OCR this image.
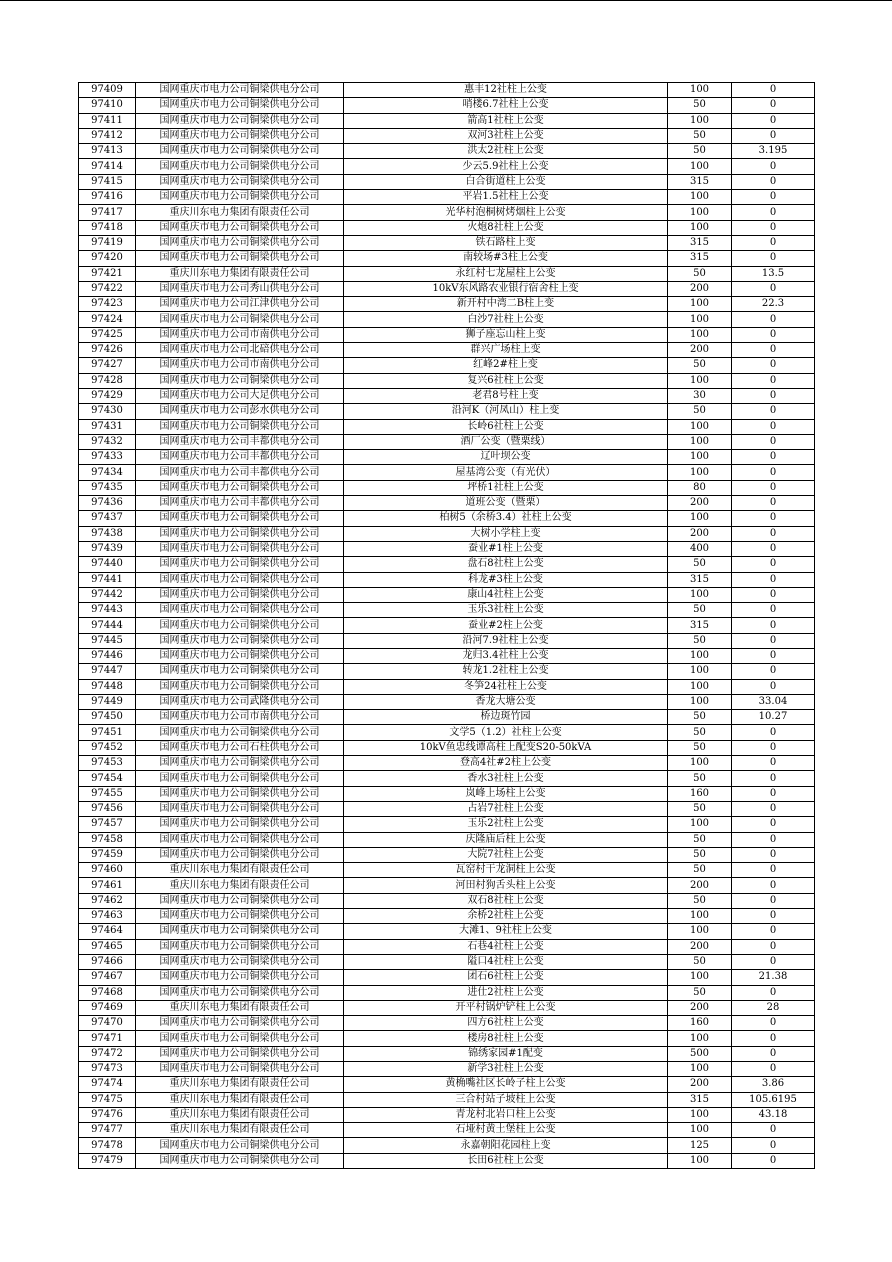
97409	国网重庆市电力公司铜梁供电分公司	惠丰12社柱上公变	100	0
97410	国网重庆市电力公司铜梁供电分公司	哨楼6.7社柱上公变	50	0
97411	国网重庆市电力公司铜梁供电分公司	箭高1社柱上公变	100	0
97412	国网重庆市电力公司铜梁供电分公司	双河3社柱上公变	50	0
97413	国网重庆市电力公司铜梁供电分公司	洪太2社柱上公变	50	3.195
97414	国网重庆市电力公司铜梁供电分公司	少云5.9社柱上公变	100	0
97415	国网重庆市电力公司铜梁供电分公司	白合街道柱上公变	315	0
97416	国网重庆市电力公司铜梁供电分公司	平岩1.5社柱上公变	100	0
97417	重庆川东电力集团有限责任公司	光华村泡桐树烤烟柱上公变	100	0
97418	国网重庆市电力公司铜梁供电分公司	火炮8社柱上公变	100	0
97419	国网重庆市电力公司铜梁供电分公司	铁石路柱上变	315	0
97420	国网重庆市电力公司铜梁供电分公司	南较场#3柱上公变	315	0
97421	重庆川东电力集团有限责任公司	永红村七龙屋柱上公变	50	13.5
97422	国网重庆市电力公司秀山供电分公司	10kV东风路农业银行宿舍柱上变	200	0
97423	国网重庆市电力公司江津供电分公司	新开村中湾二B柱上变	100	22.3
97424	国网重庆市电力公司铜梁供电分公司	白沙7社柱上公变	100	0
97425	国网重庆市电力公司市南供电分公司	狮子座忘山柱上变	100	0
97426	国网重庆市电力公司北碚供电分公司	群兴广场柱上变	200	0
97427	国网重庆市电力公司市南供电分公司	红峰2#柱上变	50	0
97428	国网重庆市电力公司铜梁供电分公司	复兴6社柱上公变	100	0
97429	国网重庆市电力公司大足供电分公司	老君8号柱上变	30	0
97430	国网重庆市电力公司彭水供电分公司	沿河K（河凤山）柱上变	50	0
97431	国网重庆市电力公司铜梁供电分公司	长岭6社柱上公变	100	0
97432	国网重庆市电力公司丰都供电分公司	酒厂公变（暨栗线）	100	0
97433	国网重庆市电力公司丰都供电分公司	辽叶坝公变	100	0
97434	国网重庆市电力公司丰都供电分公司	屋基湾公变（有光伏）	100	0
97435	国网重庆市电力公司铜梁供电分公司	坪桥1社柱上公变	80	0
97436	国网重庆市电力公司丰都供电分公司	道班公变（暨栗）	200	0
97437	国网重庆市电力公司铜梁供电分公司	柏树5（余桥3.4）社柱上公变	100	0
97438	国网重庆市电力公司铜梁供电分公司	大树小学柱上变	200	0
97439	国网重庆市电力公司铜梁供电分公司	蚕业#1柱上公变	400	0
97440	国网重庆市电力公司铜梁供电分公司	盘石8社柱上公变	50	0
97441	国网重庆市电力公司铜梁供电分公司	科龙#3柱上公变	315	0
97442	国网重庆市电力公司铜梁供电分公司	康山4社柱上公变	100	0
97443	国网重庆市电力公司铜梁供电分公司	玉乐3社柱上公变	50	0
97444	国网重庆市电力公司铜梁供电分公司	蚕业#2柱上公变	315	0
97445	国网重庆市电力公司铜梁供电分公司	沿河7.9社柱上公变	50	0
97446	国网重庆市电力公司铜梁供电分公司	龙归3.4社柱上公变	100	0
97447	国网重庆市电力公司铜梁供电分公司	转龙1.2社柱上公变	100	0
97448	国网重庆市电力公司铜梁供电分公司	冬笋24社柱上公变	100	0
97449	国网重庆市电力公司武隆供电分公司	香龙大塘公变	100	33.04
97450	国网重庆市电力公司市南供电分公司	桥边斑竹园	50	10.27
97451	国网重庆市电力公司铜梁供电分公司	文学5（1.2）社柱上公变	50	0
97452	国网重庆市电力公司石柱供电分公司	10kV鱼忠线谭高柱上配变S20-50kVA	50	0
97453	国网重庆市电力公司铜梁供电分公司	登高4社#2柱上公变	100	0
97454	国网重庆市电力公司铜梁供电分公司	香水3社柱上公变	50	0
97455	国网重庆市电力公司铜梁供电分公司	岚峰上场柱上公变	160	0
97456	国网重庆市电力公司铜梁供电分公司	占岩7社柱上公变	50	0
97457	国网重庆市电力公司铜梁供电分公司	玉乐2社柱上公变	100	0
97458	国网重庆市电力公司铜梁供电分公司	庆隆庙后柱上公变	50	0
97459	国网重庆市电力公司铜梁供电分公司	大院7社柱上公变	50	0
97460	重庆川东电力集团有限责任公司	瓦窑村干龙洞柱上公变	50	0
97461	重庆川东电力集团有限责任公司	河田村狗舌头柱上公变	200	0
97462	国网重庆市电力公司铜梁供电分公司	双石8社柱上公变	50	0
97463	国网重庆市电力公司铜梁供电分公司	余桥2社柱上公变	100	0
97464	国网重庆市电力公司铜梁供电分公司	大滩1、9社柱上公变	100	0
97465	国网重庆市电力公司铜梁供电分公司	石巷4社柱上公变	200	0
97466	国网重庆市电力公司铜梁供电分公司	隘口4社柱上公变	50	0
97467	国网重庆市电力公司铜梁供电分公司	团石6社柱上公变	100	21.38
97468	国网重庆市电力公司铜梁供电分公司	进仕2社柱上公变	50	0
97469	重庆川东电力集团有限责任公司	开平村锅炉铲柱上公变	200	28
97470	国网重庆市电力公司铜梁供电分公司	四方6社柱上公变	160	0
97471	国网重庆市电力公司铜梁供电分公司	楼房8社柱上公变	100	0
97472	国网重庆市电力公司铜梁供电分公司	锦绣家园#1配变	500	0
97473	国网重庆市电力公司铜梁供电分公司	新学3社柱上公变	100	0
97474	重庆川东电力集团有限责任公司	黄桷嘴社区长岭子柱上公变	200	3.86
97475	重庆川东电力集团有限责任公司	三合村站子坡柱上公变	315	105.6195
97476	重庆川东电力集团有限责任公司	青龙村北岩口柱上公变	100	43.18
97477	重庆川东电力集团有限责任公司	石垭村黄土堡柱上公变	100	0
97478	国网重庆市电力公司铜梁供电分公司	永嘉朝阳花园柱上变	125	0
97479	国网重庆市电力公司铜梁供电分公司	长田6社柱上公变	100	0
